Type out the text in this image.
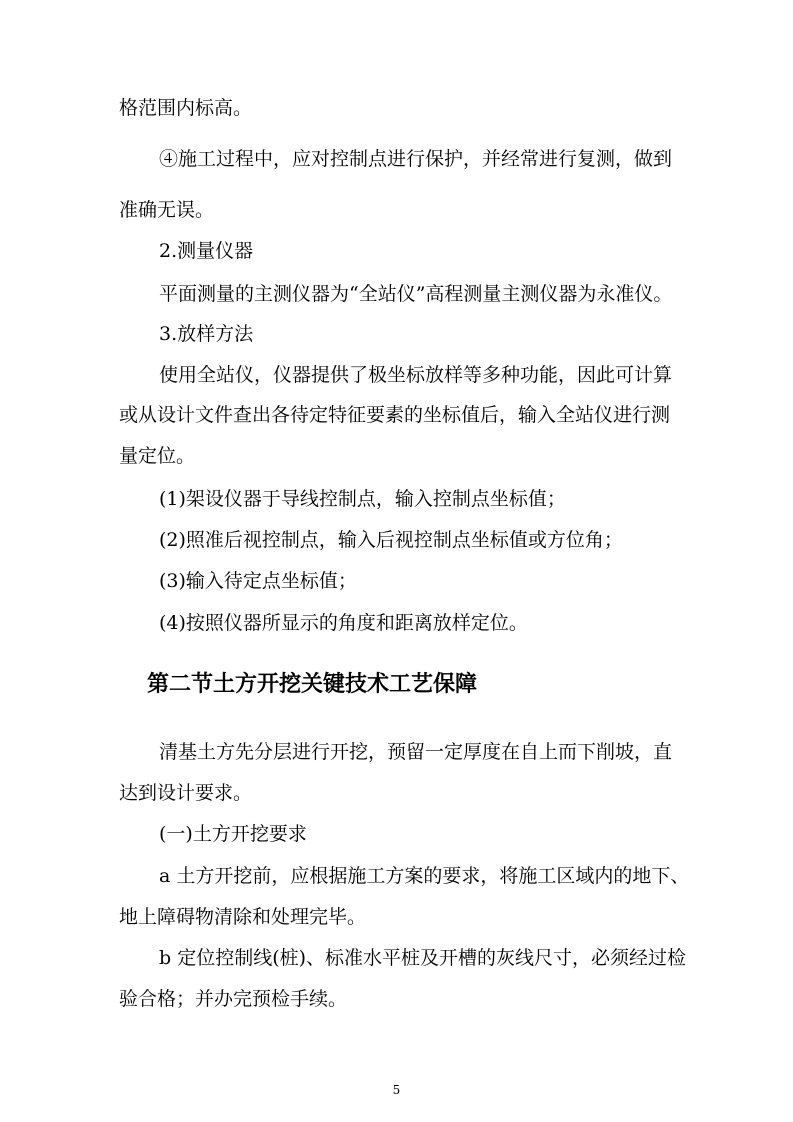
格范围内标高。

④施工过程中，应对控制点进行保护，并经常进行复测，做到

准确无误。

2.测量仪器

平面测量的主测仪器为“全站仪”高程测量主测仪器为永准仪。

3.放样方法

使用全站仪，仪器提供了极坐标放样等多种功能，因此可计算

或从设计文件查出各待定特征要素的坐标值后，输入全站仪进行测

量定位。

(1)架设仪器于导线控制点，输入控制点坐标值；

(2)照准后视控制点，输入后视控制点坐标值或方位角；

(3)输入待定点坐标值；

(4)按照仪器所显示的角度和距离放样定位。

第二节土方开挖关键技术工艺保障

清基土方先分层进行开挖，预留一定厚度在自上而下削坡，直

达到设计要求。

(一)土方开挖要求

a 土方开挖前，应根据施工方案的要求，将施工区域内的地下、

地上障碍物清除和处理完毕。

b 定位控制线(桩)、标准水平桩及开槽的灰线尺寸，必须经过检

验合格；并办完预检手续。

5
